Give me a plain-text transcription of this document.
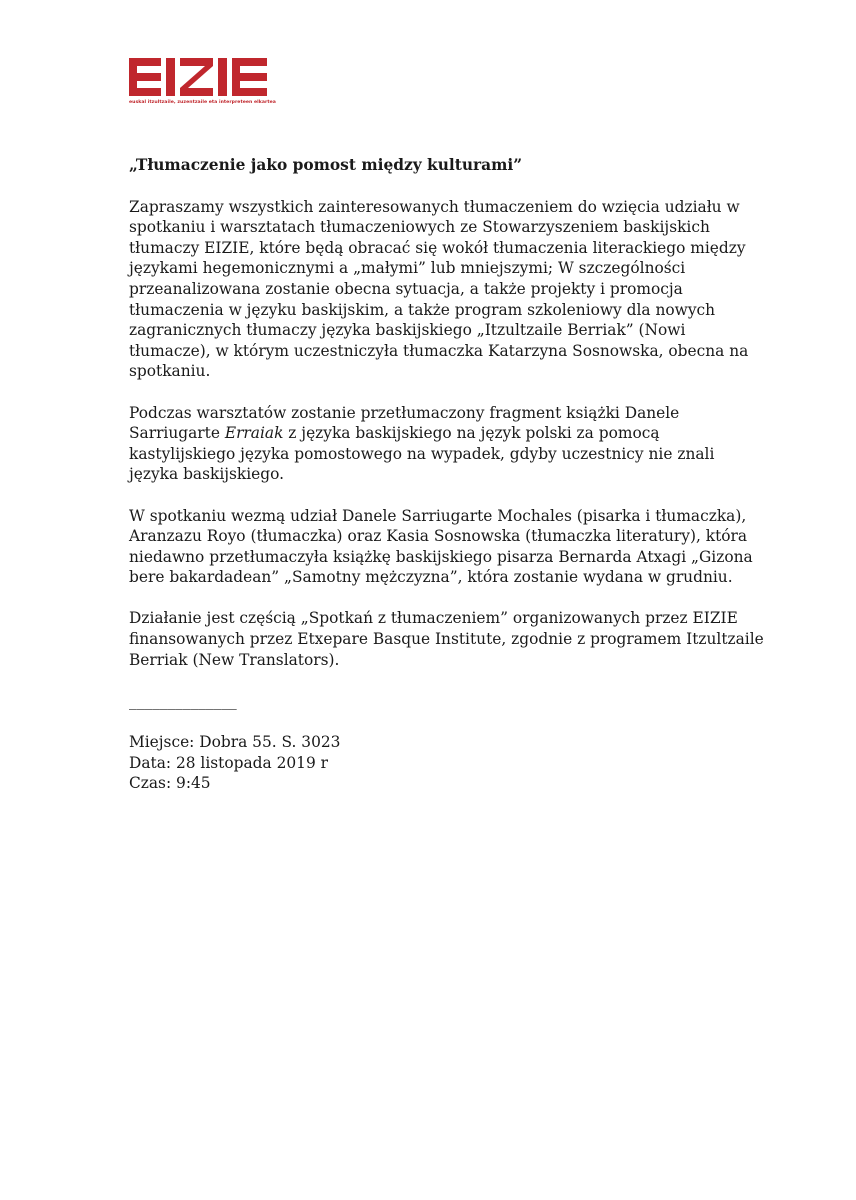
euskal itzultzaile, zuzentzaile eta interpreteen elkartea
„Tłumaczenie jako pomost między kulturami”
Zapraszamy wszystkich zainteresowanych tłumaczeniem do wzięcia udziału w
spotkaniu i warsztatach tłumaczeniowych ze Stowarzyszeniem baskijskich
tłumaczy EIZIE, które będą obracać się wokół tłumaczenia literackiego między
językami hegemonicznymi a „małymi” lub mniejszymi; W szczególności
przeanalizowana zostanie obecna sytuacja, a także projekty i promocja
tłumaczenia w języku baskijskim, a także program szkoleniowy dla nowych
zagranicznych tłumaczy języka baskijskiego „Itzultzaile Berriak” (Nowi
tłumacze), w którym uczestniczyła tłumaczka Katarzyna Sosnowska, obecna na
spotkaniu.
Podczas warsztatów zostanie przetłumaczony fragment książki Danele
Sarriugarte Erraiak z języka baskijskiego na język polski za pomocą
kastylijskiego języka pomostowego na wypadek, gdyby uczestnicy nie znali
języka baskijskiego.
W spotkaniu wezmą udział Danele Sarriugarte Mochales (pisarka i tłumaczka),
Aranzazu Royo (tłumaczka) oraz Kasia Sosnowska (tłumaczka literatury), która
niedawno przetłumaczyła książkę baskijskiego pisarza Bernarda Atxagi „Gizona
bere bakardadean” „Samotny mężczyzna”, która zostanie wydana w grudniu.
Działanie jest częścią „Spotkań z tłumaczeniem” organizowanych przez EIZIE
finansowanych przez Etxepare Basque Institute, zgodnie z programem Itzultzaile
Berriak (New Translators).
______________
Miejsce: Dobra 55. S. 3023
Data: 28 listopada 2019 r
Czas: 9:45
